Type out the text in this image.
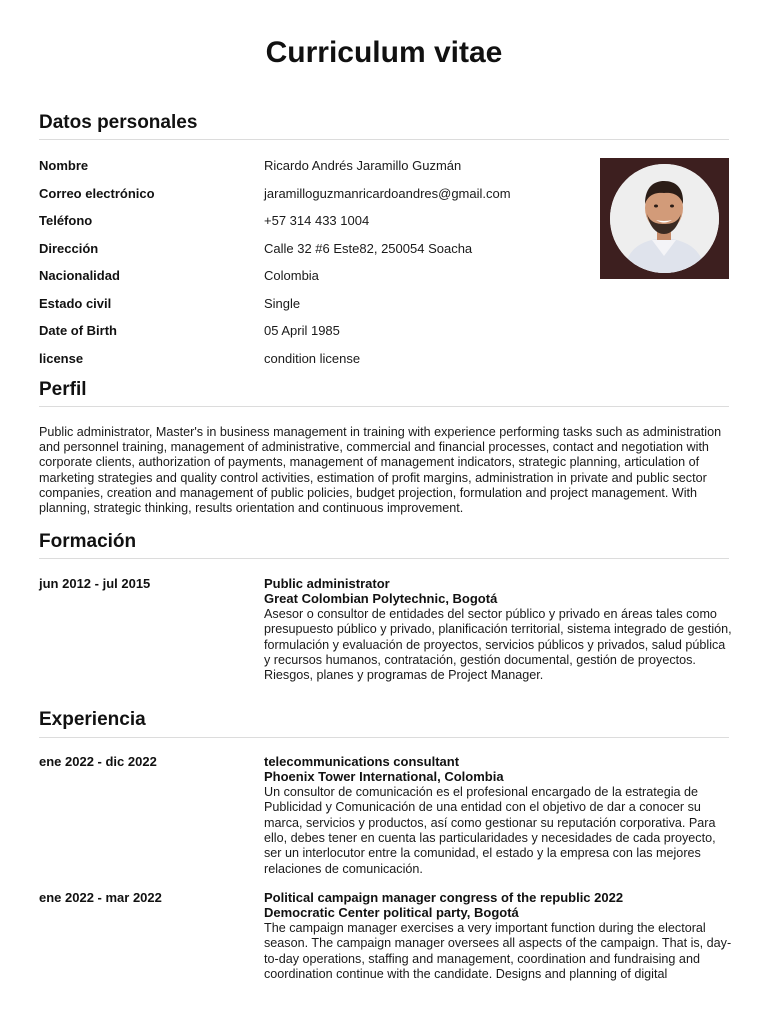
Curriculum vitae
Datos personales
Nombre	Ricardo Andrés Jaramillo Guzmán
Correo electrónico	jaramilloguzmanricardoandres@gmail.com
Teléfono	+57 314 433 1004
Dirección	Calle 32 #6 Este82, 250054 Soacha
Nacionalidad	Colombia
Estado civil	Single
Date of Birth	05 April 1985
license	condition license
Perfil
Public administrator, Master's in business management in training with experience performing tasks such as administration and personnel training, management of administrative, commercial and financial processes, contact and negotiation with corporate clients, authorization of payments, management of management indicators, strategic planning, articulation of marketing strategies and quality control activities, estimation of profit margins, administration in private and public sector companies, creation and management of public policies, budget projection, formulation and project management. With planning, strategic thinking, results orientation and continuous improvement.
Formación
jun 2012 - jul 2015	Public administrator
Great Colombian Polytechnic, Bogotá
Asesor o consultor de entidades del sector público y privado en áreas tales como presupuesto público y privado, planificación territorial, sistema integrado de gestión, formulación y evaluación de proyectos, servicios públicos y privados, salud pública y recursos humanos, contratación, gestión documental, gestión de proyectos. Riesgos, planes y programas de Project Manager.
Experiencia
ene 2022 - dic 2022	telecommunications consultant
Phoenix Tower International, Colombia
Un consultor de comunicación es el profesional encargado de la estrategia de Publicidad y Comunicación de una entidad con el objetivo de dar a conocer su marca, servicios y productos, así como gestionar su reputación corporativa. Para ello, debes tener en cuenta las particularidades y necesidades de cada proyecto, ser un interlocutor entre la comunidad, el estado y la empresa con las mejores relaciones de comunicación.
ene 2022 - mar 2022	Political campaign manager congress of the republic 2022
Democratic Center political party, Bogotá
The campaign manager exercises a very important function during the electoral season. The campaign manager oversees all aspects of the campaign. That is, day-to-day operations, staffing and management, coordination and fundraising and coordination continue with the candidate. Designs and planning of digital
